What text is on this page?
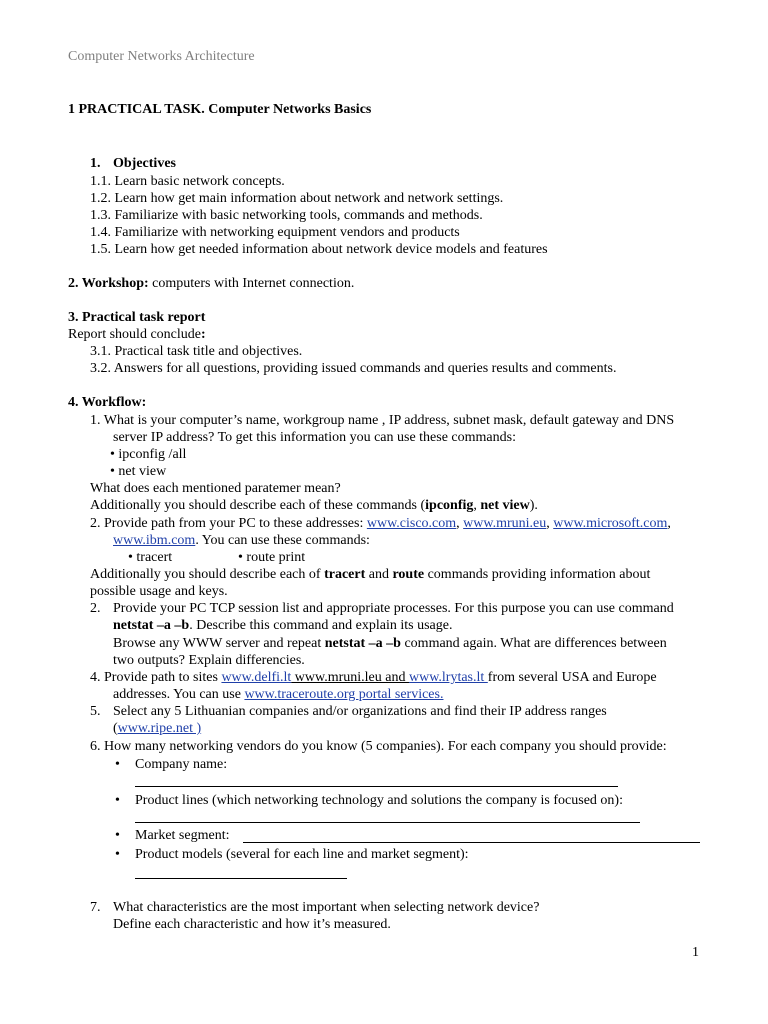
Computer Networks Architecture
1 PRACTICAL TASK. Computer Networks Basics
1. Objectives
1.1. Learn basic network concepts.
1.2. Learn how get main information about network and network settings.
1.3. Familiarize with basic networking tools, commands and methods.
1.4. Familiarize with networking equipment vendors and products
1.5. Learn how get needed information about network device models and features
2. Workshop: computers with Internet connection.
3. Practical task report
Report should conclude:
3.1. Practical task title and objectives.
3.2. Answers for all questions, providing issued commands and queries results and comments.
4. Workflow:
1. What is your computer’s name, workgroup name , IP address, subnet mask, default gateway and DNS
server IP address? To get this information you can use these commands:
• ipconfig /all
• net view
What does each mentioned paratemer mean?
Additionally you should describe each of these commands (ipconfig, net view).
2. Provide path from your PC to these addresses: www.cisco.com, www.mruni.eu, www.microsoft.com,
www.ibm.com. You can use these commands:
• tracert	• route print
Additionally you should describe each of tracert and route commands providing information about
possible usage and keys.
2. Provide your PC TCP session list and appropriate processes. For this purpose you can use command
netstat –a –b. Describe this command and explain its usage.
Browse any WWW server and repeat netstat –a –b command again. What are differences between
two outputs? Explain differencies.
4. Provide path to sites www.delfi.lt www.mruni.leu and www.lrytas.lt from several USA and Europe
addresses. You can use www.traceroute.org portal services.
5. Select any 5 Lithuanian companies and/or organizations and find their IP address ranges
(www.ripe.net )
6. How many networking vendors do you know (5 companies). For each company you should provide:
• Company name:
• Product lines (which networking technology and solutions the company is focused on):
• Market segment:
• Product models (several for each line and market segment):
7. What characteristics are the most important when selecting network device?
Define each characteristic and how it’s measured.
1
